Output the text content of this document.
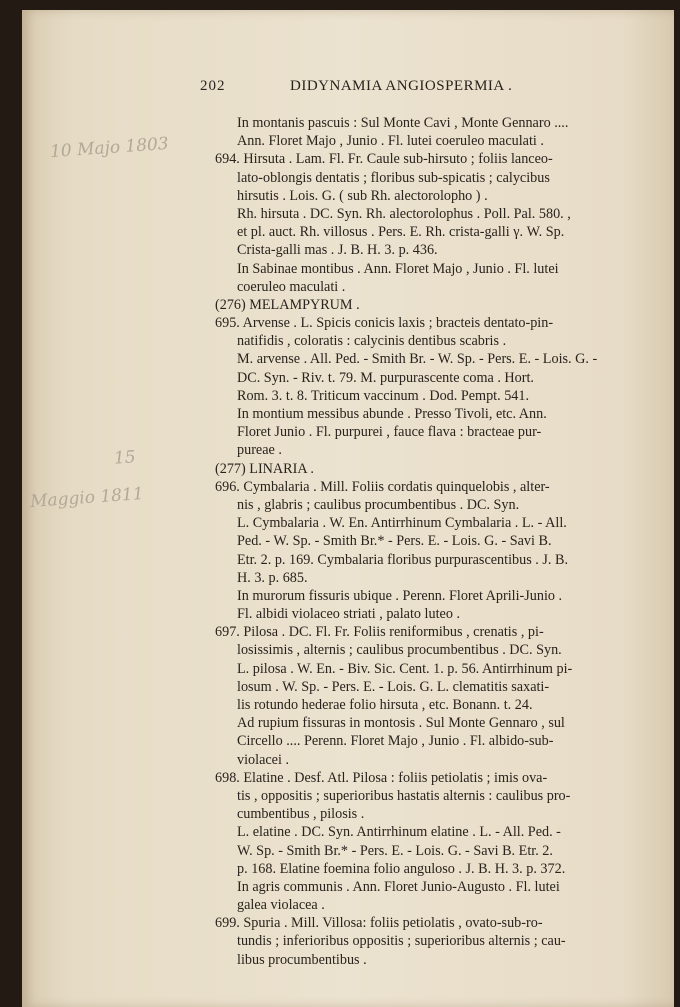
202	DIDYNAMIA ANGIOSPERMIA .
10 Majo 1803
15
Maggio 1811
In montanis pascuis : Sul Monte Cavi , Monte Gennaro ....
Ann. Floret Majo , Junio . Fl. lutei coeruleo maculati .
694. Hirsuta . Lam. Fl. Fr. Caule sub-hirsuto ; foliis lanceo-
lato-oblongis dentatis ; floribus sub-spicatis ; calycibus
hirsutis . Lois. G. ( sub Rh. alectorolopho ) .
Rh. hirsuta . DC. Syn. Rh. alectorolophus . Poll. Pal. 580. ,
et pl. auct. Rh. villosus . Pers. E. Rh. crista-galli γ. W. Sp.
Crista-galli mas . J. B. H. 3. p. 436.
In Sabinae montibus . Ann. Floret Majo , Junio . Fl. lutei
coeruleo maculati .
(276) MELAMPYRUM .
695. Arvense . L. Spicis conicis laxis ; bracteis dentato-pin-
natifidis , coloratis : calycinis dentibus scabris .
M. arvense . All. Ped. - Smith Br. - W. Sp. - Pers. E. - Lois. G. -
DC. Syn. - Riv. t. 79. M. purpurascente coma . Hort.
Rom. 3. t. 8. Triticum vaccinum . Dod. Pempt. 541.
In montium messibus abunde . Presso Tivoli, etc. Ann.
Floret Junio . Fl. purpurei , fauce flava : bracteae pur-
pureae .
(277) LINARIA .
696. Cymbalaria . Mill. Foliis cordatis quinquelobis , alter-
nis , glabris ; caulibus procumbentibus . DC. Syn.
L. Cymbalaria . W. En. Antirrhinum Cymbalaria . L. - All.
Ped. - W. Sp. - Smith Br.* - Pers. E. - Lois. G. - Savi B.
Etr. 2. p. 169. Cymbalaria floribus purpurascentibus . J. B.
H. 3. p. 685.
In murorum fissuris ubique . Perenn. Floret Aprili-Junio .
Fl. albidi violaceo striati , palato luteo .
697. Pilosa . DC. Fl. Fr. Foliis reniformibus , crenatis , pi-
losissimis , alternis ; caulibus procumbentibus . DC. Syn.
L. pilosa . W. En. - Biv. Sic. Cent. 1. p. 56. Antirrhinum pi-
losum . W. Sp. - Pers. E. - Lois. G. L. clematitis saxati-
lis rotundo hederae folio hirsuta , etc. Bonann. t. 24.
Ad rupium fissuras in montosis . Sul Monte Gennaro , sul
Circello .... Perenn. Floret Majo , Junio . Fl. albido-sub-
violacei .
698. Elatine . Desf. Atl. Pilosa : foliis petiolatis ; imis ova-
tis , oppositis ; superioribus hastatis alternis : caulibus pro-
cumbentibus , pilosis .
L. elatine . DC. Syn. Antirrhinum elatine . L. - All. Ped. -
W. Sp. - Smith Br.* - Pers. E. - Lois. G. - Savi B. Etr. 2.
p. 168. Elatine foemina folio anguloso . J. B. H. 3. p. 372.
In agris communis . Ann. Floret Junio-Augusto . Fl. lutei
galea violacea .
699. Spuria . Mill. Villosa: foliis petiolatis , ovato-sub-ro-
tundis ; inferioribus oppositis ; superioribus alternis ; cau-
libus procumbentibus .
